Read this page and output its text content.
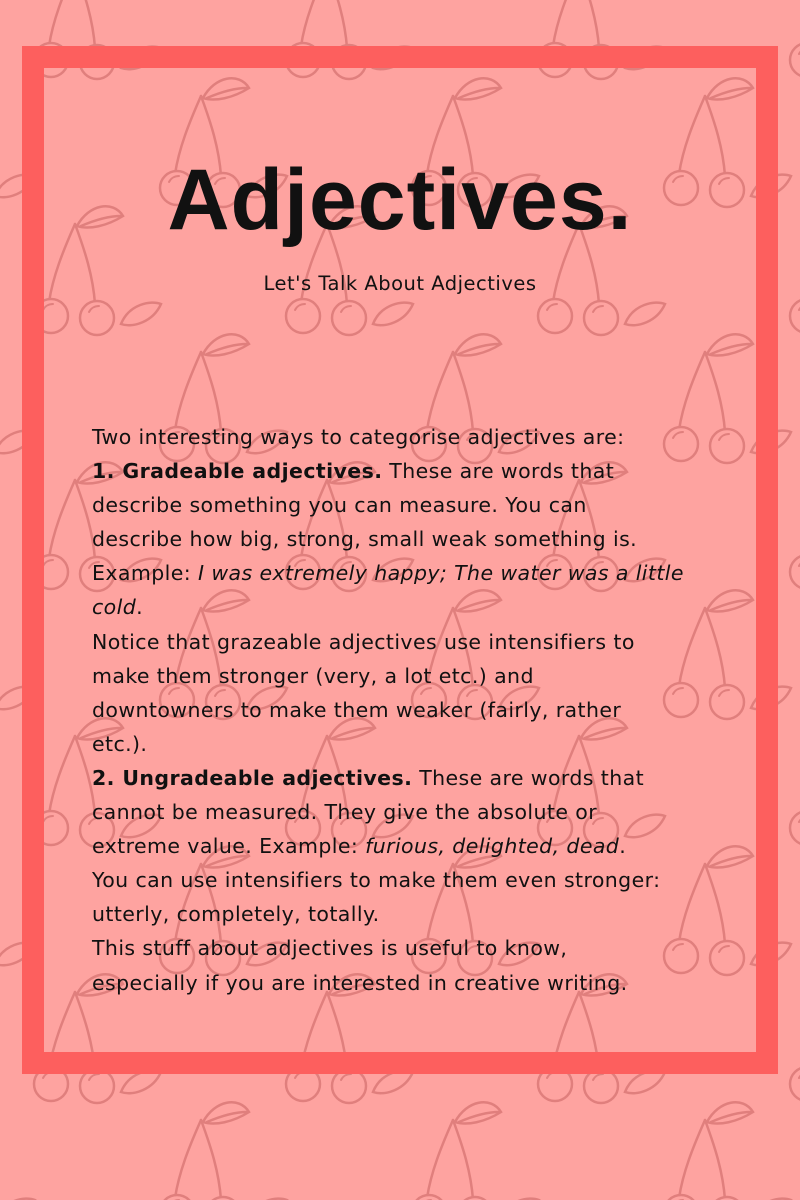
Adjectives.
Let's Talk About Adjectives
Two interesting ways to categorise adjectives are:
1. Gradeable adjectives. These are words that
describe something you can measure. You can
describe how big, strong, small weak something is.
Example: I was extremely happy; The water was a little
cold.
Notice that grazeable adjectives use intensifiers to
make them stronger (very, a lot etc.) and
downtowners to make them weaker (fairly, rather
etc.).
2. Ungradeable adjectives. These are words that
cannot be measured. They give the absolute or
extreme value. Example: furious, delighted, dead.
You can use intensifiers to make them even stronger:
utterly, completely, totally.
This stuff about adjectives is useful to know,
especially if you are interested in creative writing.
